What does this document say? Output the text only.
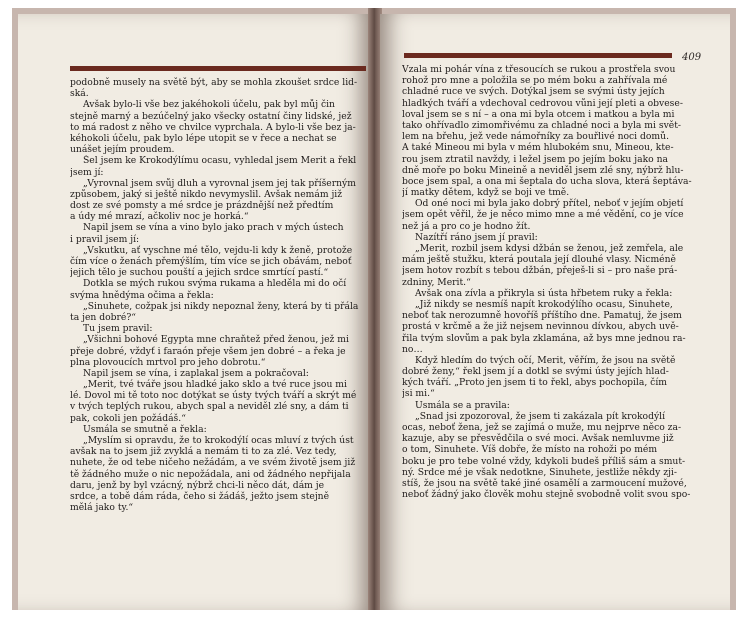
podobně musely na světě být, aby se mohla zkoušet srdce lid-
ská.
Avšak bylo-li vše bez jakéhokoli účelu, pak byl můj čin
stejně marný a bezúčelný jako všecky ostatní činy lidské, jež
to má radost z něho ve chvilce vyprchala. A bylo-li vše bez ja-
kéhokoli účelu, pak bylo lépe utopit se v řece a nechat se
unášet jejím proudem.
Šel jsem ke Krokodýlímu ocasu, vyhledal jsem Merit a řekl
jsem jí:
„Vyrovnal jsem svůj dluh a vyrovnal jsem jej tak příšerným
způsobem, jaký si ještě nikdo nevymyslil. Avšak nemám již
dost ze své pomsty a mé srdce je prázdnější než předtím
a údy mé mrazí, ačkoliv noc je horká.“
Napil jsem se vína a vino bylo jako prach v mých ústech
i pravil jsem jí:
„Vskutku, ať vyschne mé tělo, vejdu-li kdy k ženě, protože
čím více o ženách přemýšlím, tím více se jich obávám, neboť
jejich tělo je suchou pouští a jejich srdce smrtící pastí.“
Dotkla se mých rukou svýma rukama a hleděla mi do očí
svýma hnědýma očima a řekla:
„Sinuhete, cožpak jsi nikdy nepoznal ženy, která by ti přála
ta jen dobré?“
Tu jsem pravil:
„Všichni bohové Egypta mne chraňtež před ženou, jež mi
přeje dobré, vždyť i faraón přeje všem jen dobré – a řeka je
plna plovoucích mrtvol pro jeho dobrotu.“
Napil jsem se vína, i zaplakal jsem a pokračoval:
„Merit, tvé tváře jsou hladké jako sklo a tvé ruce jsou mi
lé. Dovol mi tě toto noc dotýkat se ústy tvých tváří a skrýt mé
v tvých teplých rukou, abych spal a neviděl zlé sny, a dám ti
pak, cokoli jen požádáš.“
Usmála se smutně a řekla:
„Myslím si opravdu, že to krokodýlí ocas mluví z tvých úst
avšak na to jsem již zvyklá a nemám ti to za zlé. Vez tedy,
nuhete, že od tebe ničeho nežádám, a ve svém životě jsem již
tě žádného muže o nic nepožádala, ani od žádného nepřijala
daru, jenž by byl vzácný, nýbrž chci-li něco dát, dám je
srdce, a tobě dám ráda, čeho si žádáš, ježto jsem stejně
mělá jako ty.“
409
Vzala mi pohár vína z třesoucích se rukou a prostřela svou
rohož pro mne a položila se po mém boku a zahřívala mé
chladné ruce ve svých. Dotýkal jsem se svými ústy jejích
hladkých tváří a vdechoval cedrovou vůni její pleti a obvese-
loval jsem se s ní – a ona mi byla otcem i matkou a byla mi
tako ohřívadlo zimomřivému za chladné noci a byla mi svět-
lem na břehu, jež vede námořníky za bouřlivé noci domů.
A také Mineou mi byla v mém hlubokém snu, Mineou, kte-
rou jsem ztratil navždy, i ležel jsem po jejím boku jako na
dně moře po boku Mineině a neviděl jsem zlé sny, nýbrž hlu-
boce jsem spal, a ona mi šeptala do ucha slova, která šeptáva-
jí matky dětem, když se boji ve tmě.
Od oné noci mi byla jako dobrý přítel, neboť v jejím objetí
jsem opět věřil, že je něco mimo mne a mé vědění, co je více
než já a pro co je hodno žít.
Nazítří ráno jsem jí pravil:
„Merit, rozbil jsem kdysi džbán se ženou, jež zemřela, ale
mám ještě stužku, která poutala její dlouhé vlasy. Nicméně
jsem hotov rozbít s tebou džbán, přeješ-li si – pro naše prá-
zdniny, Merit.“
Avšak ona zívla a přikryla si ústa hřbetem ruky a řekla:
„Již nikdy se nesmíš napít krokodýlího ocasu, Sinuhete,
neboť tak nerozumně hovoříš příštího dne. Pamatuj, že jsem
prostá v krčmě a že již nejsem nevinnou dívkou, abych uvě-
řila tvým slovům a pak byla zklamána, až bys mne jednou ra-
no…
Když hledím do tvých očí, Merit, věřím, že jsou na světě
dobré ženy,“ řekl jsem jí a dotkl se svými ústy jejích hlad-
kých tváří. „Proto jen jsem ti to řekl, abys pochopila, čím
jsi mi.“
Usmála se a pravila:
„Snad jsi zpozoroval, že jsem ti zakázala pít krokodýlí
ocas, neboť žena, jež se zajímá o muže, mu nejprve něco za-
kazuje, aby se přesvědčila o své moci. Avšak nemluvme již
o tom, Sinuhete. Víš dobře, že místo na rohoži po mém
boku je pro tebe volné vždy, kdykoli budeš příliš sám a smut-
ný. Srdce mé je však nedotkne, Sinuhete, jestliže někdy zji-
stíš, že jsou na světě také jiné osamělí a zarmoucení mužové,
neboť žádný jako člověk mohu stejně svobodně volit svou spo-
